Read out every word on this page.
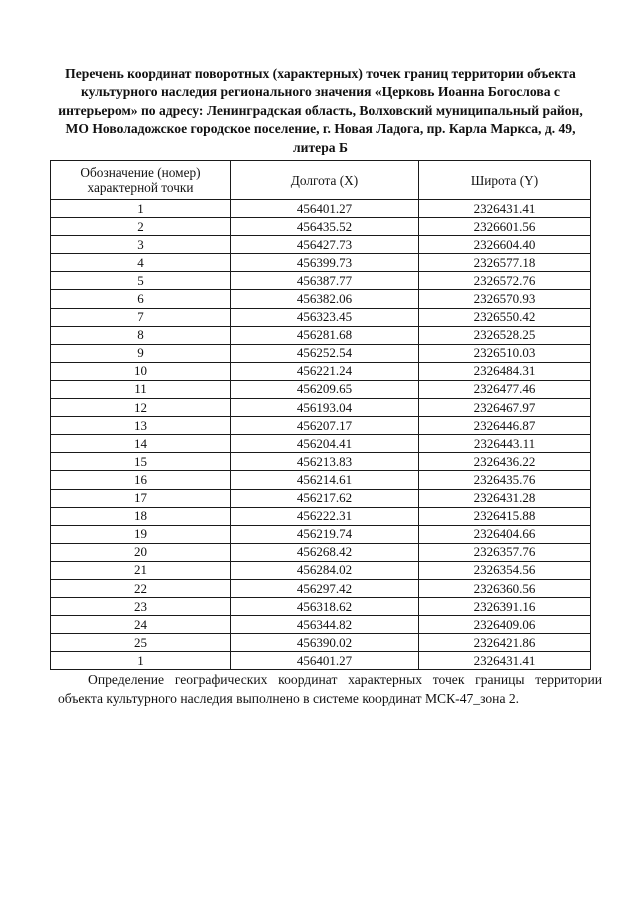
Перечень координат поворотных (характерных) точек границ территории объекта культурного наследия регионального значения «Церковь Иоанна Богослова с интерьером» по адресу: Ленинградская область, Волховский муниципальный район, МО Новоладожское городское поселение, г. Новая Ладога, пр. Карла Маркса, д. 49, литера Б
Обозначение (номер) характерной точки	Долгота (X)	Широта (Y)
1	456401.27	2326431.41
2	456435.52	2326601.56
3	456427.73	2326604.40
4	456399.73	2326577.18
5	456387.77	2326572.76
6	456382.06	2326570.93
7	456323.45	2326550.42
8	456281.68	2326528.25
9	456252.54	2326510.03
10	456221.24	2326484.31
11	456209.65	2326477.46
12	456193.04	2326467.97
13	456207.17	2326446.87
14	456204.41	2326443.11
15	456213.83	2326436.22
16	456214.61	2326435.76
17	456217.62	2326431.28
18	456222.31	2326415.88
19	456219.74	2326404.66
20	456268.42	2326357.76
21	456284.02	2326354.56
22	456297.42	2326360.56
23	456318.62	2326391.16
24	456344.82	2326409.06
25	456390.02	2326421.86
1	456401.27	2326431.41
Определение географических координат характерных точек границы территории объекта культурного наследия выполнено в системе координат МСК-47_зона 2.
